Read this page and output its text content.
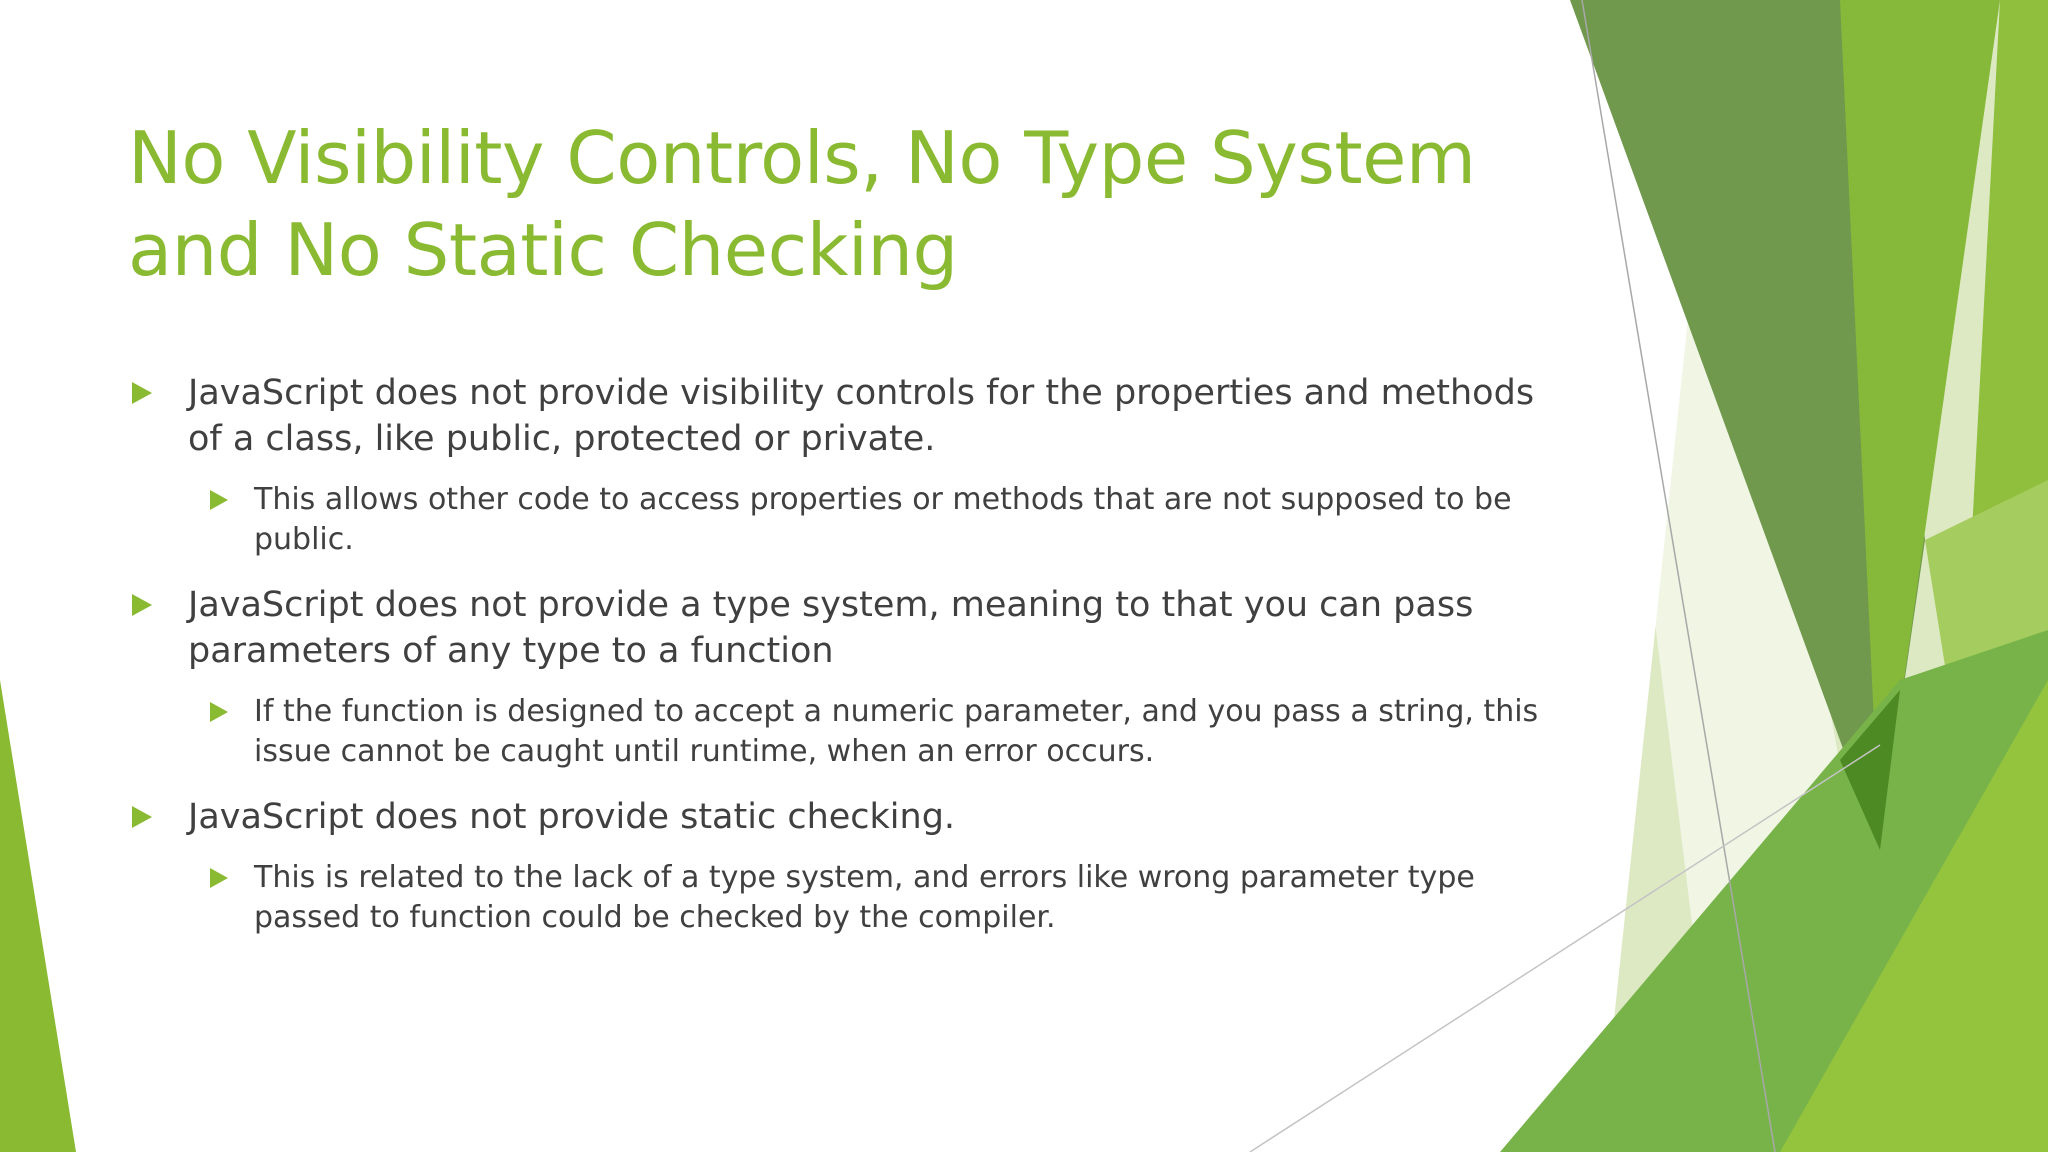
No Visibility Controls, No Type System
and No Static Checking
JavaScript does not provide visibility controls for the properties and methods of a class, like public, protected or private.
This allows other code to access properties or methods that are not supposed to be public.
JavaScript does not provide a type system, meaning to that you can pass parameters of any type to a function
If the function is designed to accept a numeric parameter, and you pass a string, this issue cannot be caught until runtime, when an error occurs.
JavaScript does not provide static checking.
This is related to the lack of a type system, and errors like wrong parameter type passed to function could be checked by the compiler.
